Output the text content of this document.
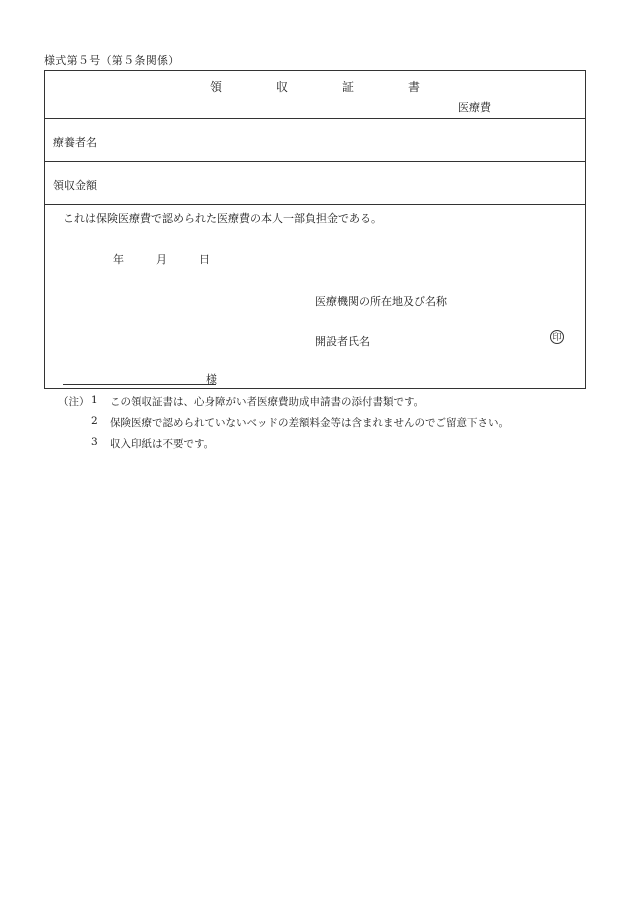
様式第５号（第５条関係）
領	収	証	書
医療費
療養者名
領収金額
これは保険医療費で認められた医療費の本人一部負担金である。
年	月	日
医療機関の所在地及び名称
開設者氏名	印
様
（注） 1	この領収証書は、心身障がい者医療費助成申請書の添付書類です。
2	保険医療で認められていないベッドの差額料金等は含まれませんのでご留意下さい。
3	収入印紙は不要です。
